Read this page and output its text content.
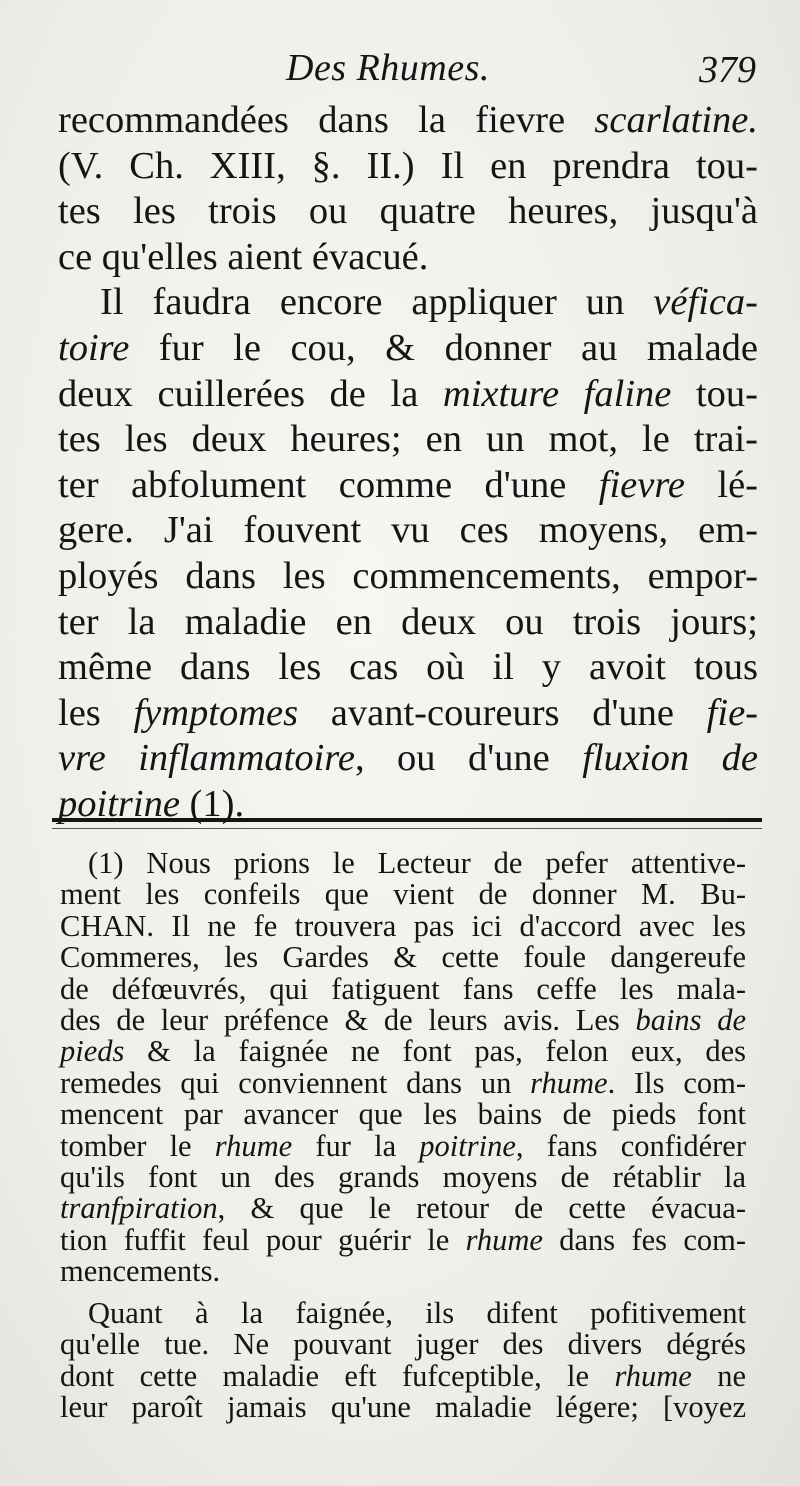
Des Rhumes.	379
recommandées dans la fievre scarlatine.
(V. Ch. XIII, §. II.) Il en prendra tou-
tes les trois ou quatre heures, jusqu'à
ce qu'elles aient évacué.
Il faudra encore appliquer un véfica-
toire fur le cou, & donner au malade
deux cuillerées de la mixture faline tou-
tes les deux heures; en un mot, le trai-
ter abfolument comme d'une fievre lé-
gere. J'ai fouvent vu ces moyens, em-
ployés dans les commencements, empor-
ter la maladie en deux ou trois jours;
même dans les cas où il y avoit tous
les fymptomes avant-coureurs d'une fie-
vre inflammatoire, ou d'une fluxion de
poitrine (1).
(1) Nous prions le Lecteur de pefer attentive-
ment les confeils que vient de donner M. Bu-
CHAN. Il ne fe trouvera pas ici d'accord avec les
Commeres, les Gardes & cette foule dangereufe
de défœuvrés, qui fatiguent fans ceffe les mala-
des de leur préfence & de leurs avis. Les bains de
pieds & la faignée ne font pas, felon eux, des
remedes qui conviennent dans un rhume. Ils com-
mencent par avancer que les bains de pieds font
tomber le rhume fur la poitrine, fans confidérer
qu'ils font un des grands moyens de rétablir la
tranfpiration, & que le retour de cette évacua-
tion fuffit feul pour guérir le rhume dans fes com-
mencements.
Quant à la faignée, ils difent pofitivement
qu'elle tue. Ne pouvant juger des divers dégrés
dont cette maladie eft fufceptible, le rhume ne
leur paroît jamais qu'une maladie légere; [voyez
